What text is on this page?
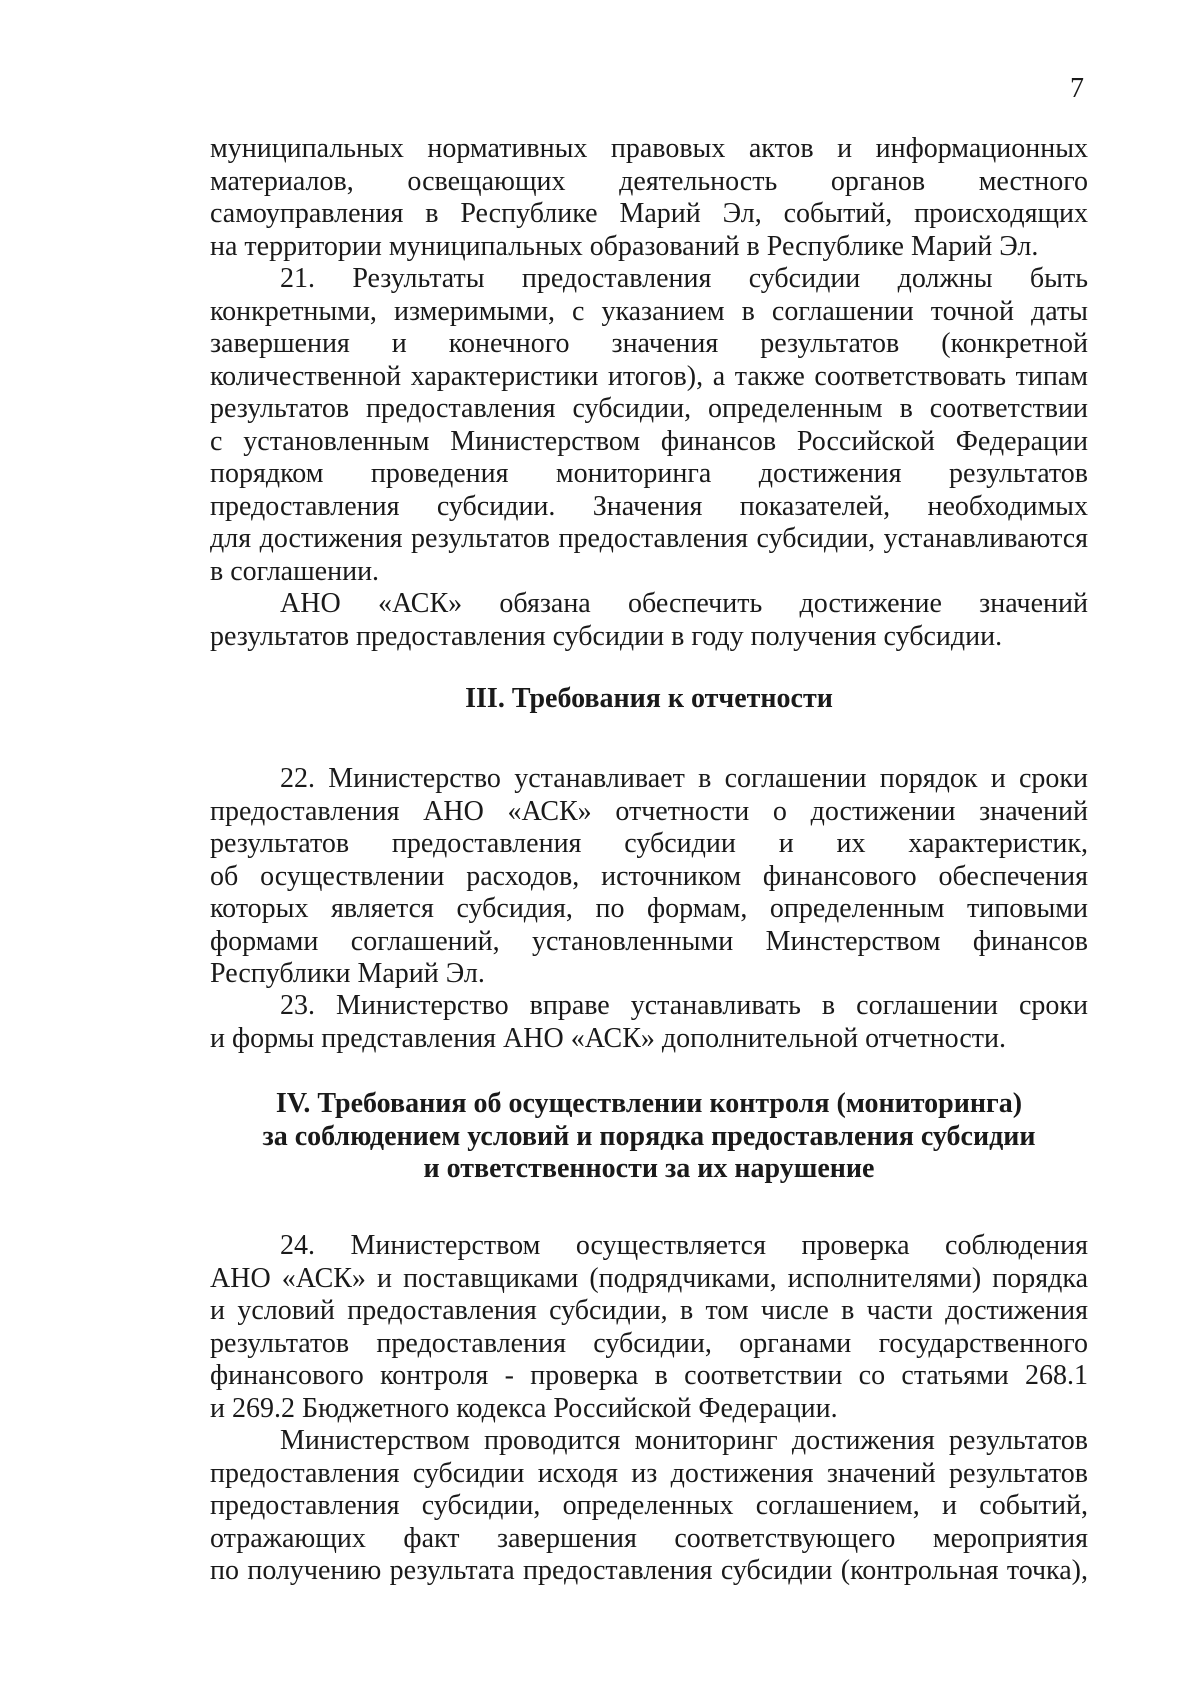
7
муниципальных нормативных правовых актов и информационных
материалов, освещающих деятельность органов местного
самоуправления в Республике Марий Эл, событий, происходящих
на территории муниципальных образований в Республике Марий Эл.
21. Результаты предоставления субсидии должны быть
конкретными, измеримыми, с указанием в соглашении точной даты
завершения и конечного значения результатов (конкретной
количественной характеристики итогов), а также соответствовать типам
результатов предоставления субсидии, определенным в соответствии
с установленным Министерством финансов Российской Федерации
порядком проведения мониторинга достижения результатов
предоставления субсидии. Значения показателей, необходимых
для достижения результатов предоставления субсидии, устанавливаются
в соглашении.
АНО «АСК» обязана обеспечить достижение значений
результатов предоставления субсидии в году получения субсидии.
III. Требования к отчетности
22. Министерство устанавливает в соглашении порядок и сроки
предоставления АНО «АСК» отчетности о достижении значений
результатов предоставления субсидии и их характеристик,
об осуществлении расходов, источником финансового обеспечения
которых является субсидия, по формам, определенным типовыми
формами соглашений, установленными Минстерством финансов
Республики Марий Эл.
23. Министерство вправе устанавливать в соглашении сроки
и формы представления АНО «АСК» дополнительной отчетности.
IV. Требования об осуществлении контроля (мониторинга)
за соблюдением условий и порядка предоставления субсидии
и ответственности за их нарушение
24. Министерством осуществляется проверка соблюдения
АНО «АСК» и поставщиками (подрядчиками, исполнителями) порядка
и условий предоставления субсидии, в том числе в части достижения
результатов предоставления субсидии, органами государственного
финансового контроля - проверка в соответствии со статьями 268.1
и 269.2 Бюджетного кодекса Российской Федерации.
Министерством проводится мониторинг достижения результатов
предоставления субсидии исходя из достижения значений результатов
предоставления субсидии, определенных соглашением, и событий,
отражающих факт завершения соответствующего мероприятия
по получению результата предоставления субсидии (контрольная точка),
